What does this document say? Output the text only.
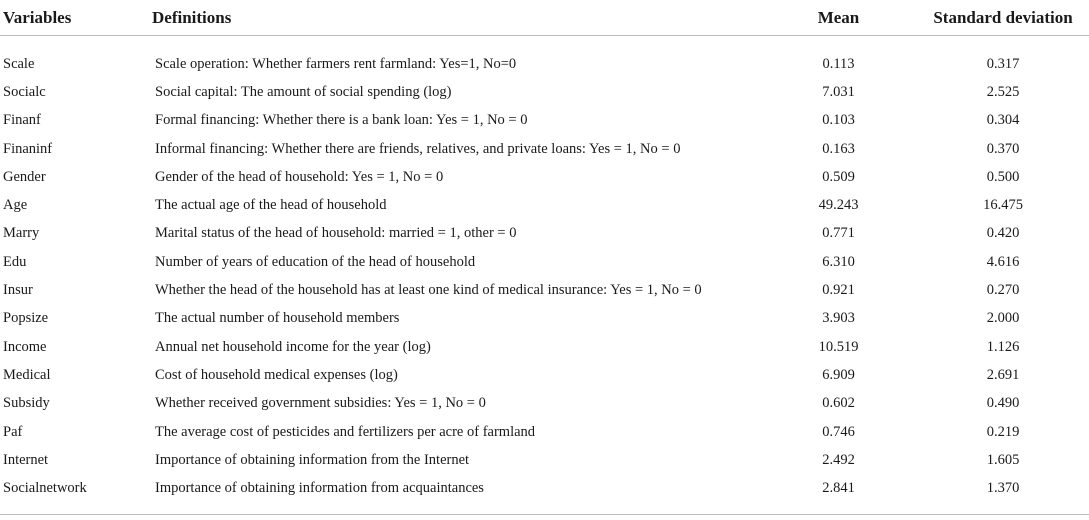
Variables	Definitions	Mean	Standard deviation
Scale	Scale operation: Whether farmers rent farmland: Yes=1, No=0	0.113	0.317
Socialc	Social capital: The amount of social spending (log)	7.031	2.525
Finanf	Formal financing: Whether there is a bank loan: Yes = 1, No = 0	0.103	0.304
Finaninf	Informal financing: Whether there are friends, relatives, and private loans: Yes = 1, No = 0	0.163	0.370
Gender	Gender of the head of household: Yes = 1, No = 0	0.509	0.500
Age	The actual age of the head of household	49.243	16.475
Marry	Marital status of the head of household: married = 1, other = 0	0.771	0.420
Edu	Number of years of education of the head of household	6.310	4.616
Insur	Whether the head of the household has at least one kind of medical insurance: Yes = 1, No = 0	0.921	0.270
Popsize	The actual number of household members	3.903	2.000
Income	Annual net household income for the year (log)	10.519	1.126
Medical	Cost of household medical expenses (log)	6.909	2.691
Subsidy	Whether received government subsidies: Yes = 1, No = 0	0.602	0.490
Paf	The average cost of pesticides and fertilizers per acre of farmland	0.746	0.219
Internet	Importance of obtaining information from the Internet	2.492	1.605
Socialnetwork	Importance of obtaining information from acquaintances	2.841	1.370
